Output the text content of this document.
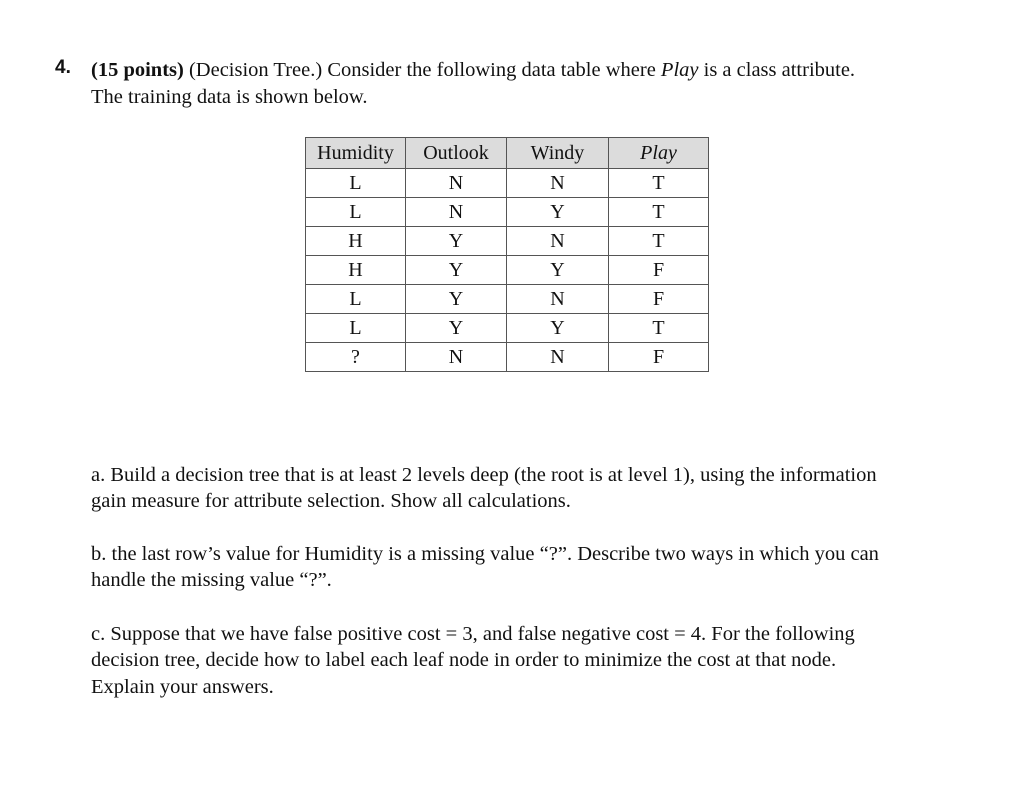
4. (15 points) (Decision Tree.) Consider the following data table where Play is a class attribute.
The training data is shown below.
Humidity	Outlook	Windy	Play
L	N	N	T
L	N	Y	T
H	Y	N	T
H	Y	Y	F
L	Y	N	F
L	Y	Y	T
?	N	N	F
a. Build a decision tree that is at least 2 levels deep (the root is at level 1), using the information
gain measure for attribute selection. Show all calculations.
b. the last row’s value for Humidity is a missing value “?”. Describe two ways in which you can
handle the missing value “?”.
c. Suppose that we have false positive cost = 3, and false negative cost = 4. For the following
decision tree, decide how to label each leaf node in order to minimize the cost at that node.
Explain your answers.
